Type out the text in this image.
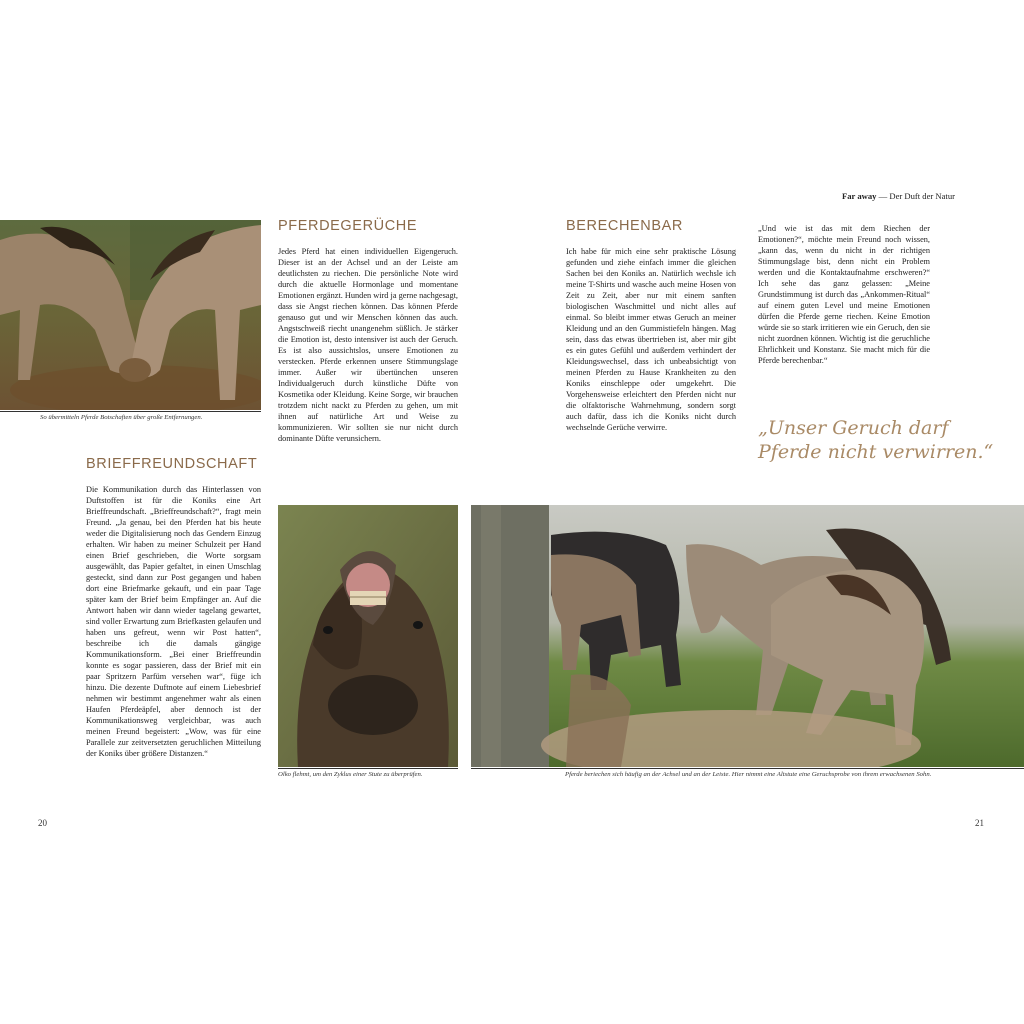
Far away — Der Duft der Natur
So übermitteln Pferde Botschaften über große Entfernungen.
PFERDEGERÜCHE

Jedes Pferd hat einen individuellen Eigengeruch. Dieser ist an der Achsel und an der Leiste am deutlichsten zu riechen. Die persönliche Note wird durch die aktuelle Hormonlage und momentane Emotionen ergänzt. Hunden wird ja gerne nachgesagt, dass sie Angst riechen können. Das können Pferde genauso gut und wir Menschen können das auch. Angstschweiß riecht unangenehm süßlich. Je stärker die Emotion ist, desto intensiver ist auch der Geruch. Es ist also aussichtslos, unsere Emotionen zu verstecken. Pferde erkennen unsere Stimmungslage immer. Außer wir übertünchen unseren Individualgeruch durch künstliche Düfte von Kosmetika oder Kleidung. Keine Sorge, wir brauchen trotzdem nicht nackt zu Pferden zu gehen, um mit ihnen auf natürliche Art und Weise zu kommunizieren. Wir sollten sie nur nicht durch dominante Düfte verunsichern.

BERECHENBAR

Ich habe für mich eine sehr praktische Lösung gefunden und ziehe einfach immer die gleichen Sachen bei den Koniks an. Natürlich wechsle ich meine T-Shirts und wasche auch meine Hosen von Zeit zu Zeit, aber nur mit einem sanften biologischen Waschmittel und nicht alles auf einmal. So bleibt immer etwas Geruch an meiner Kleidung und an den Gummistiefeln hängen. Mag sein, dass das etwas übertrieben ist, aber mir gibt es ein gutes Gefühl und außerdem verhindert der Kleidungswechsel, dass ich unbeabsichtigt von meinen Pferden zu Hause Krankheiten zu den Koniks einschleppe oder umgekehrt. Die Vorgehensweise erleichtert den Pferden nicht nur die olfaktorische Wahrnehmung, sondern sorgt auch dafür, dass ich die Koniks nicht durch wechselnde Gerüche verwirre.

„Und wie ist das mit dem Riechen der Emotionen?“, möchte mein Freund noch wissen, „kann das, wenn du nicht in der richtigen Stimmungslage bist, denn nicht ein Problem werden und die Kontaktaufnahme erschweren?“ Ich sehe das ganz gelassen: „Meine Grundstimmung ist durch das „Ankommen-Ritual“ auf einem guten Level und meine Emotionen dürfen die Pferde gerne riechen. Keine Emotion würde sie so stark irritieren wie ein Geruch, den sie nicht zuordnen können. Wichtig ist die geruchliche Ehrlichkeit und Konstanz. Sie macht mich für die Pferde berechenbar.“

„Unser Geruch darf
Pferde nicht verwirren.“
BRIEFFREUNDSCHAFT

Die Kommunikation durch das Hinterlassen von Duftstoffen ist für die Koniks eine Art Brieffreundschaft. „Brieffreundschaft?“, fragt mein Freund. „Ja genau, bei den Pferden hat bis heute weder die Digitalisierung noch das Gendern Einzug erhalten. Wir haben zu meiner Schulzeit per Hand einen Brief geschrieben, die Worte sorgsam ausgewählt, das Papier gefaltet, in einen Umschlag gesteckt, sind dann zur Post gegangen und haben dort eine Briefmarke gekauft, und ein paar Tage später kam der Brief beim Empfänger an. Auf die Antwort haben wir dann wieder tagelang gewartet, sind voller Erwartung zum Briefkasten gelaufen und haben uns gefreut, wenn wir Post hatten“, beschreibe ich die damals gängige Kommunikationsform. „Bei einer Brieffreundin konnte es sogar passieren, dass der Brief mit ein paar Spritzern Parfüm versehen war“, füge ich hinzu. Die dezente Duftnote auf einem Liebesbrief nehmen wir bestimmt angenehmer wahr als einen Haufen Pferdeäpfel, aber dennoch ist der Kommunikationsweg vergleichbar, was auch meinen Freund begeistert: „Wow, was für eine Parallele zur zeitversetzten geruchlichen Mitteilung der Koniks über größere Distanzen.“

Olko flehmt, um den Zyklus einer Stute zu überprüfen.	Pferde beriechen sich häufig an der Achsel und an der Leiste. Hier nimmt eine Altstute eine Geruchsprobe von ihrem erwachsenen Sohn.
20	21
